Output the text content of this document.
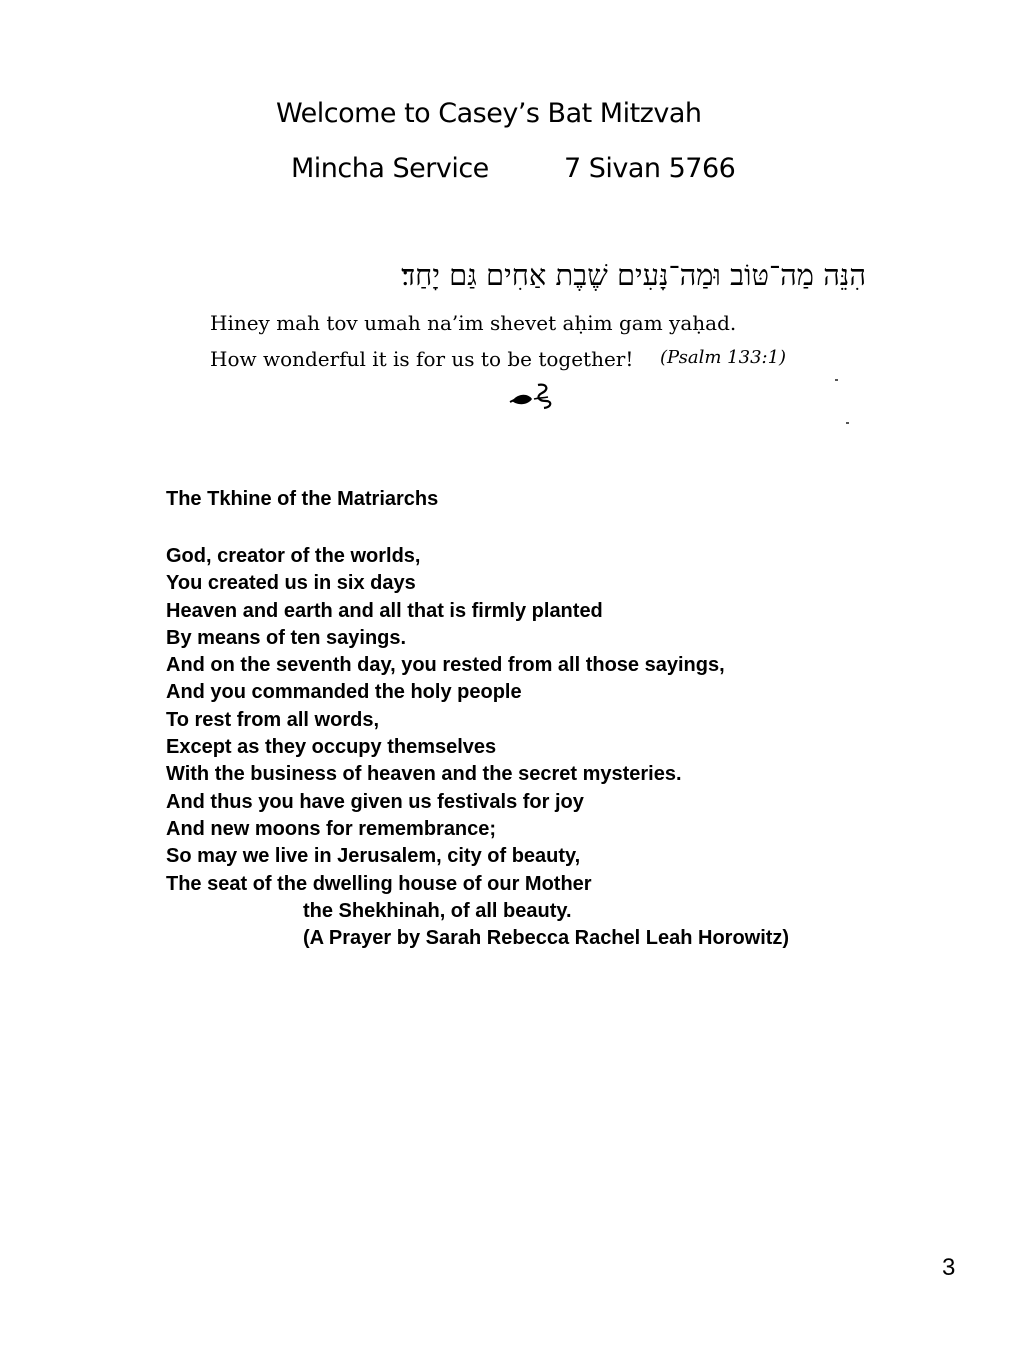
Welcome to Casey’s Bat Mitzvah
Mincha Service	7 Sivan 5766
הִנֵּה מַה־טּוֹב וּמַה־נָּעִים שֶׁבֶת אַחִים גַּם יָחַד׃
Hiney mah tov umah na’im shevet aḥim gam yaḥad.
How wonderful it is for us to be together! (Psalm 133:1)
The Tkhine of the Matriarchs
God, creator of the worlds,
You created us in six days
Heaven and earth and all that is firmly planted
By means of ten sayings.
And on the seventh day, you rested from all those sayings,
And you commanded the holy people
To rest from all words,
Except as they occupy themselves
With the business of heaven and the secret mysteries.
And thus you have given us festivals for joy
And new moons for remembrance;
So may we live in Jerusalem, city of beauty,
The seat of the dwelling house of our Mother
the Shekhinah, of all beauty.
(A Prayer by Sarah Rebecca Rachel Leah Horowitz)
3
